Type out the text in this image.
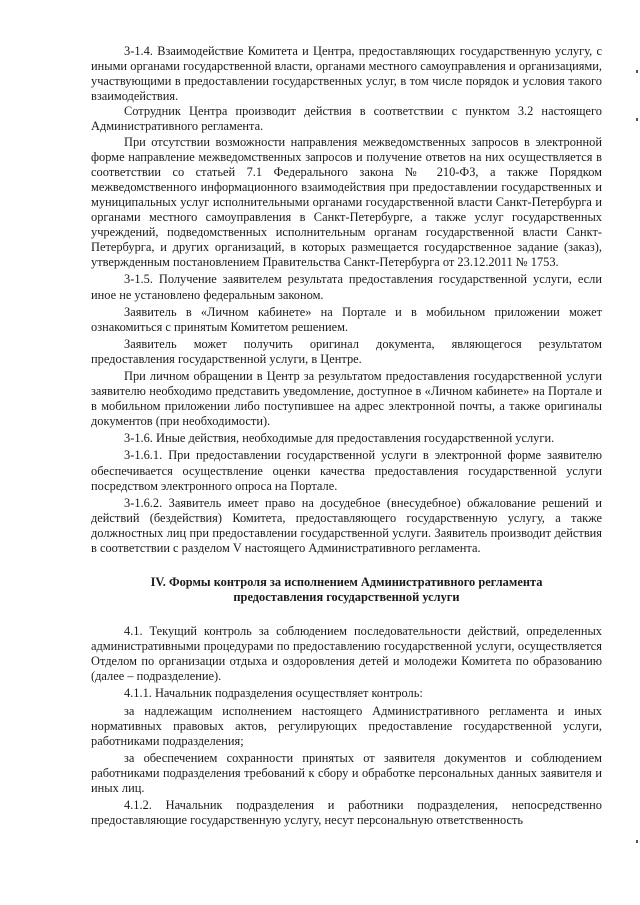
3-1.4. Взаимодействие Комитета и Центра, предоставляющих государственную услугу, с иными органами государственной власти, органами местного самоуправления и организациями, участвующими в предоставлении государственных услуг, в том числе порядок и условия такого взаимодействия.

Сотрудник Центра производит действия в соответствии с пунктом 3.2 настоящего Административного регламента.

При отсутствии возможности направления межведомственных запросов в электронной форме направление межведомственных запросов и получение ответов на них осуществляется в соответствии со статьей 7.1 Федерального закона № 210-ФЗ, а также Порядком межведомственного информационного взаимодействия при предоставлении государственных и муниципальных услуг исполнительными органами государственной власти Санкт-Петербурга и органами местного самоуправления в Санкт-Петербурге, а также услуг государственных учреждений, подведомственных исполнительным органам государственной власти Санкт-Петербурга, и других организаций, в которых размещается государственное задание (заказ), утвержденным постановлением Правительства Санкт-Петербурга от 23.12.2011 № 1753.

3-1.5. Получение заявителем результата предоставления государственной услуги, если иное не установлено федеральным законом.

Заявитель в «Личном кабинете» на Портале и в мобильном приложении может ознакомиться с принятым Комитетом решением.

Заявитель может получить оригинал документа, являющегося результатом предоставления государственной услуги, в Центре.

При личном обращении в Центр за результатом предоставления государственной услуги заявителю необходимо представить уведомление, доступное в «Личном кабинете» на Портале и в мобильном приложении либо поступившее на адрес электронной почты, а также оригиналы документов (при необходимости).

3-1.6. Иные действия, необходимые для предоставления государственной услуги.

3-1.6.1. При предоставлении государственной услуги в электронной форме заявителю обеспечивается осуществление оценки качества предоставления государственной услуги посредством электронного опроса на Портале.

3-1.6.2. Заявитель имеет право на досудебное (внесудебное) обжалование решений и действий (бездействия) Комитета, предоставляющего государственную услугу, а также должностных лиц при предоставлении государственной услуги. Заявитель производит действия в соответствии с разделом V настоящего Административного регламента.

IV. Формы контроля за исполнением Административного регламента
предоставления государственной услуги

4.1. Текущий контроль за соблюдением последовательности действий, определенных административными процедурами по предоставлению государственной услуги, осуществляется Отделом по организации отдыха и оздоровления детей и молодежи Комитета по образованию (далее – подразделение).

4.1.1. Начальник подразделения осуществляет контроль:

за надлежащим исполнением настоящего Административного регламента и иных нормативных правовых актов, регулирующих предоставление государственной услуги, работниками подразделения;

за обеспечением сохранности принятых от заявителя документов и соблюдением работниками подразделения требований к сбору и обработке персональных данных заявителя и иных лиц.

4.1.2. Начальник подразделения и работники подразделения, непосредственно предоставляющие государственную услугу, несут персональную ответственность
